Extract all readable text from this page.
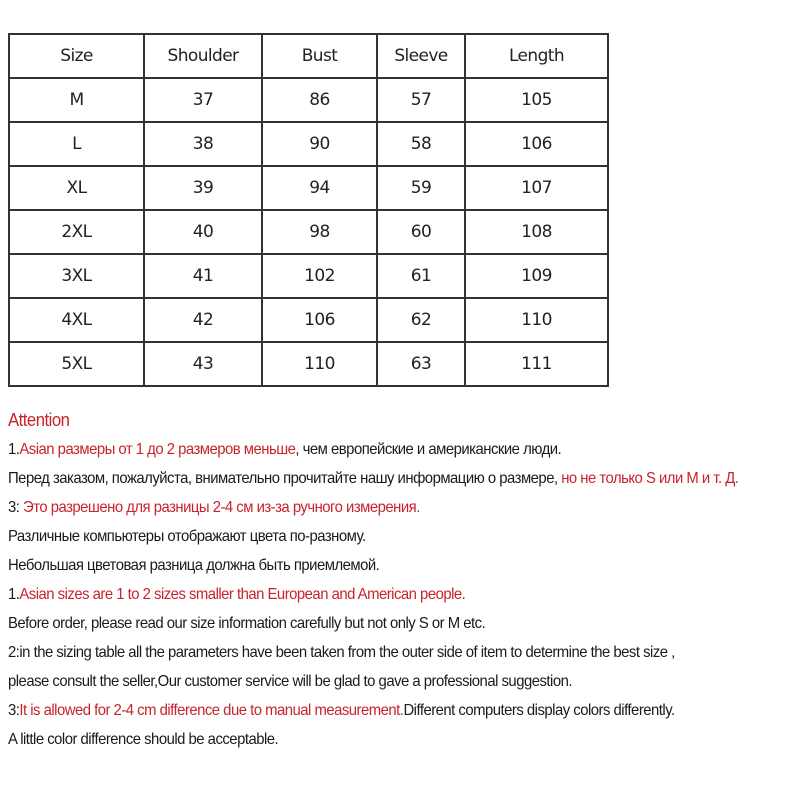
Size	Shoulder	Bust	Sleeve	Length
M	37	86	57	105
L	38	90	58	106
XL	39	94	59	107
2XL	40	98	60	108
3XL	41	102	61	109
4XL	42	106	62	110
5XL	43	110	63	111
Attention
1.Asian размеры от 1 до 2 размеров меньше, чем европейские и американские люди.
Перед заказом, пожалуйста, внимательно прочитайте нашу информацию о размере, но не только S или M и т. Д.
3: Это разрешено для разницы 2-4 см из-за ручного измерения.
Различные компьютеры отображают цвета по-разному.
Небольшая цветовая разница должна быть приемлемой.
1.Asian sizes are 1 to 2 sizes smaller than European and American people.
Before order, please read our size information carefully but not only S or M etc.
2:in the sizing table all the parameters have been taken from the outer side of item to determine the best size ,
please consult the seller,Our customer service will be glad to gave a professional suggestion.
3:It is allowed for 2-4 cm difference due to manual measurement.Different computers display colors differently.
A little color difference should be acceptable.
